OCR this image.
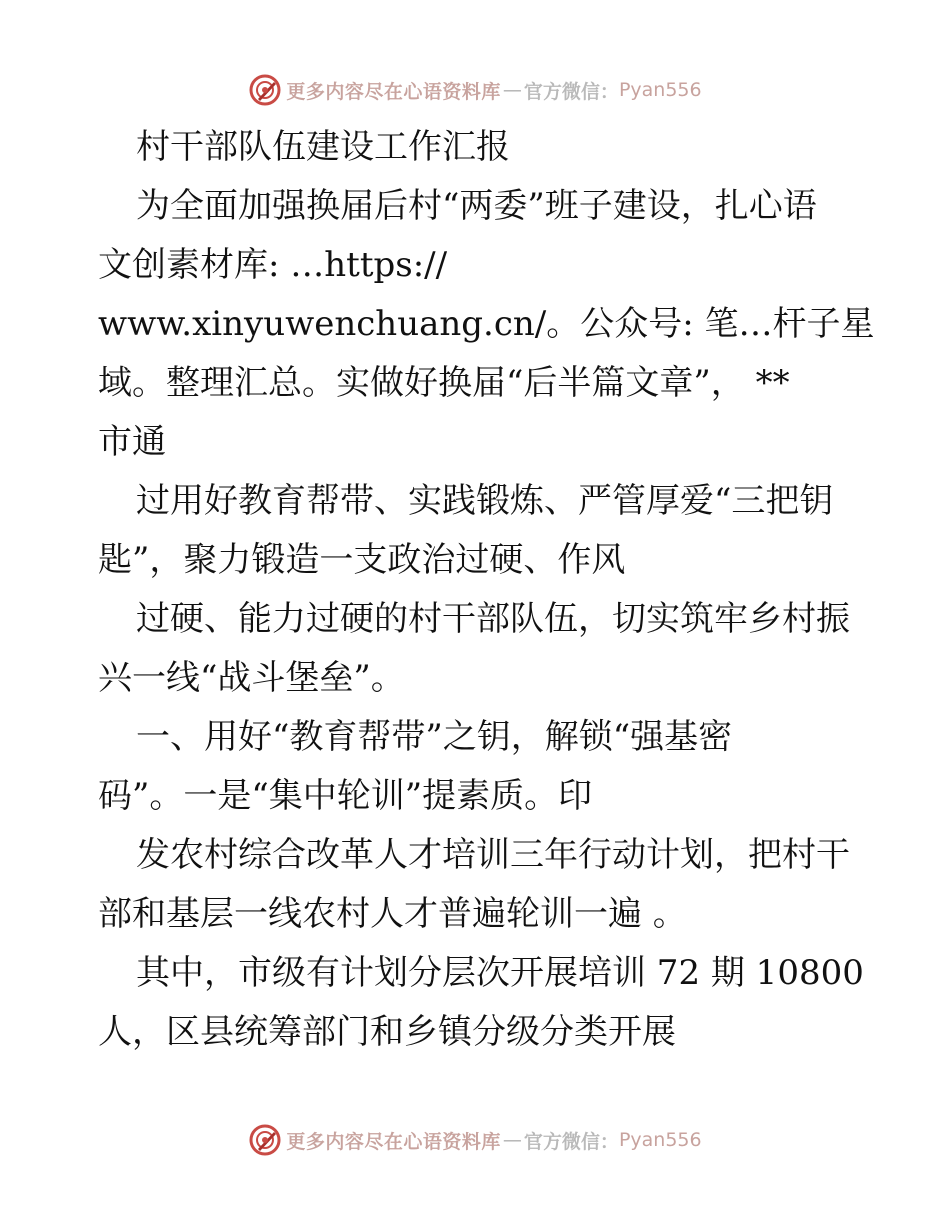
更多内容尽在心语资料库 — 官方微信： Pyan556
村干部队伍建设工作汇报
为全面加强换届后村“两委”班子建设，扎心语
文创素材库: …https://
www.xinyuwenchuang.cn/。公众号: 笔…杆子星
域。整理汇总。实做好换届“后半篇文章”， **
市通
过用好教育帮带、实践锻炼、严管厚爱“三把钥
匙”，聚力锻造一支政治过硬、作风
过硬、能力过硬的村干部队伍，切实筑牢乡村振
兴一线“战斗堡垒”。
一、用好“教育帮带”之钥，解锁“强基密
码”。一是“集中轮训”提素质。印
发农村综合改革人才培训三年行动计划，把村干
部和基层一线农村人才普遍轮训一遍 。
其中，市级有计划分层次开展培训 72 期 10800
人，区县统筹部门和乡镇分级分类开展
更多内容尽在心语资料库 — 官方微信： Pyan556
